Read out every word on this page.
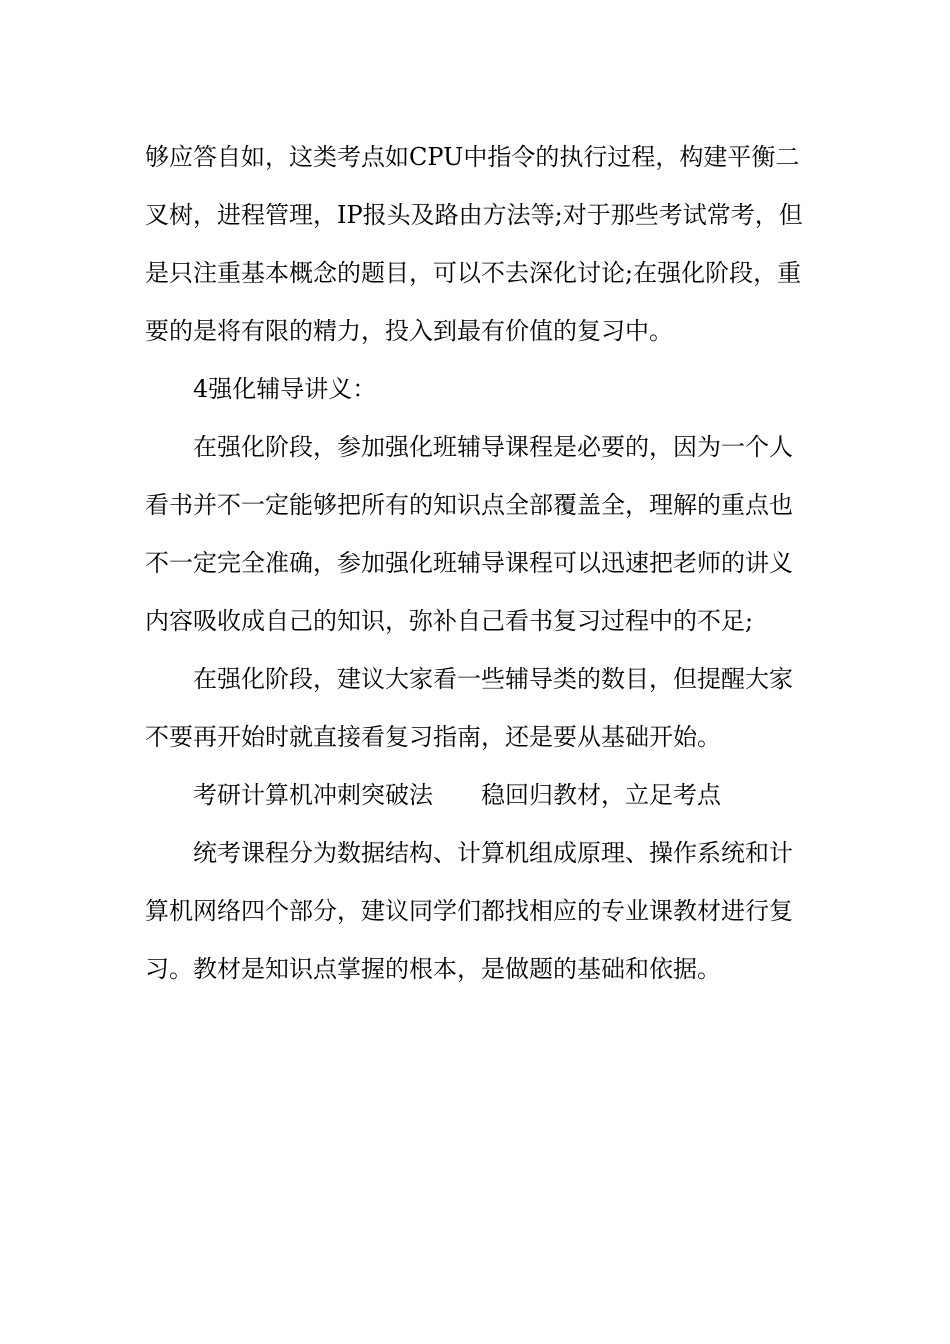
够应答自如，这类考点如CPU中指令的执行过程，构建平衡二叉树，进程管理，IP报头及路由方法等;对于那些考试常考，但是只注重基本概念的题目，可以不去深化讨论;在强化阶段，重要的是将有限的精力，投入到最有价值的复习中。

4强化辅导讲义：

在强化阶段，参加强化班辅导课程是必要的，因为一个人看书并不一定能够把所有的知识点全部覆盖全，理解的重点也不一定完全准确，参加强化班辅导课程可以迅速把老师的讲义内容吸收成自己的知识，弥补自己看书复习过程中的不足;

在强化阶段，建议大家看一些辅导类的数目，但提醒大家不要再开始时就直接看复习指南，还是要从基础开始。

考研计算机冲刺突破法 稳回归教材，立足考点

统考课程分为数据结构、计算机组成原理、操作系统和计算机网络四个部分，建议同学们都找相应的专业课教材进行复习。教材是知识点掌握的根本，是做题的基础和依据。
